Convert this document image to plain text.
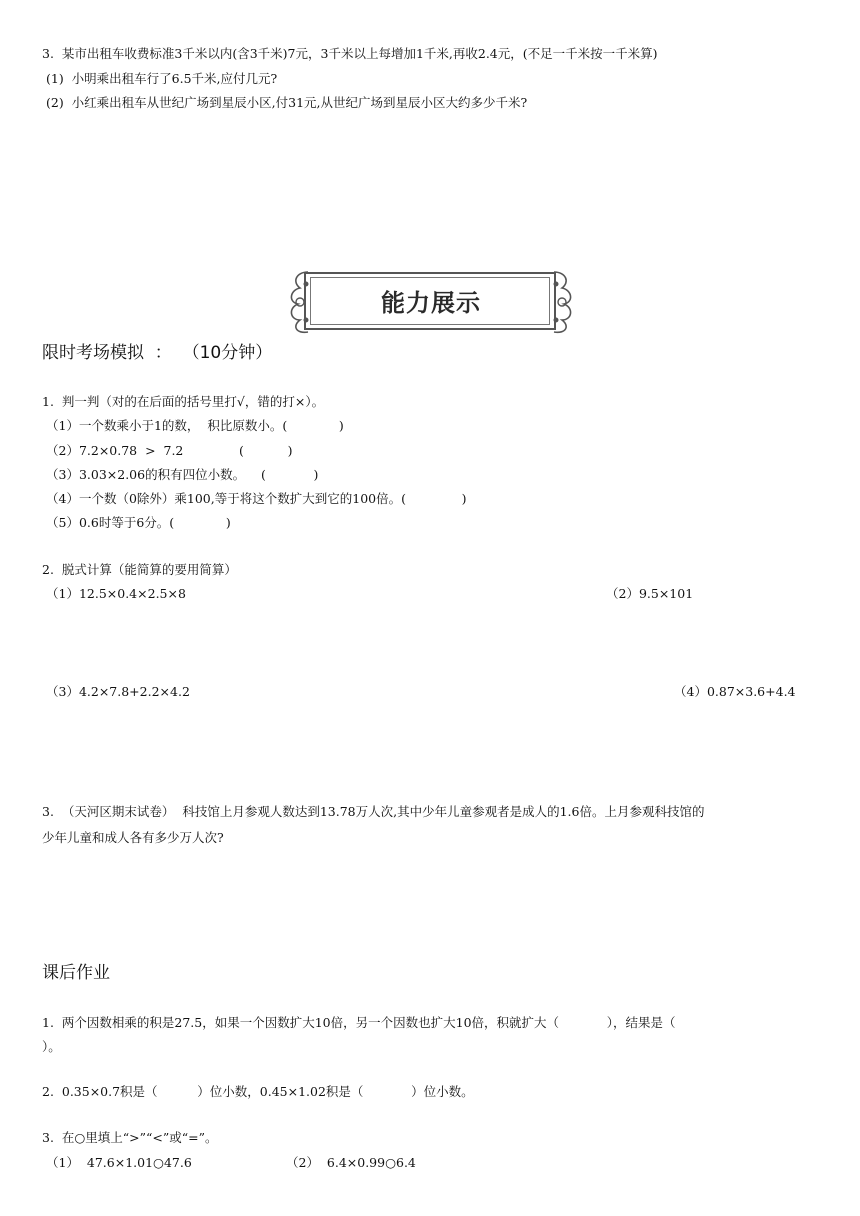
3.  某市出租车收费标准3千米以内(含3千米)7元，3千米以上每增加1千米,再收2.4元，(不足一千米按一千米算)
(1)  小明乘出租车行了6.5千米,应付几元?
(2)  小红乘出租车从世纪广场到星辰小区,付31元,从世纪广场到星辰小区大约多少千米?
能力展示
限时考场模拟  ：  （10分钟）
1.  判一判（对的在后面的括号里打√，错的打×）。
（1）一个数乘小于1的数，  积比原数小。(             )
（2）7.2×0.78  >  7.2              (           )
（3）3.03×2.06的积有四位小数。    (            )
（4）一个数（0除外）乘100,等于将这个数扩大到它的100倍。(              )
（5）0.6时等于6分。(             )
2.  脱式计算（能简算的要用简算）
（1）12.5×0.4×2.5×8	（2）9.5×101
（3）4.2×7.8+2.2×4.2	（4）0.87×3.6+4.4
3.  （天河区期末试卷）  科技馆上月参观人数达到13.78万人次,其中少年儿童参观者是成人的1.6倍。上月参观科技馆的
少年儿童和成人各有多少万人次?
课后作业
1.  两个因数相乘的积是27.5，如果一个因数扩大10倍，另一个因数也扩大10倍，积就扩大（            ），结果是（
）。
2.  0.35×0.7积是（          ）位小数，0.45×1.02积是（            ）位小数。
3.  在○里填上“>”“<”或“=”。
（1）  47.6×1.01○47.6	（2）  6.4×0.99○6.4
